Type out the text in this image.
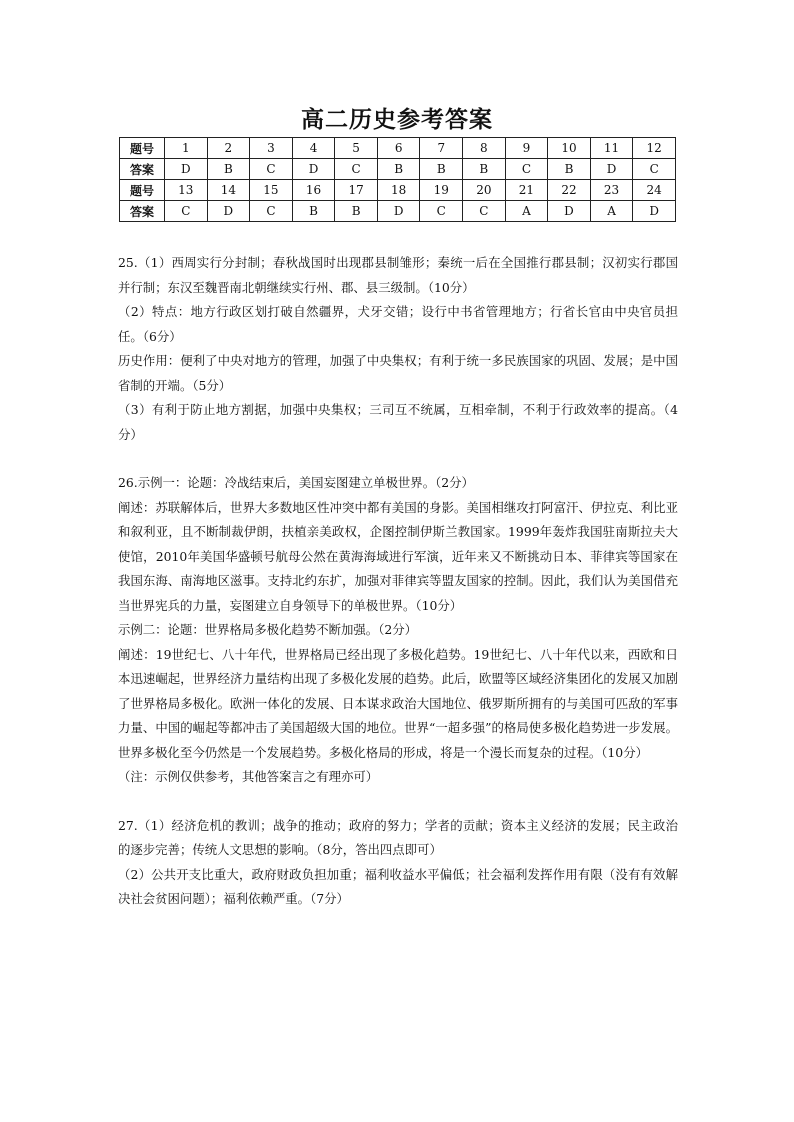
高二历史参考答案
题号	1	2	3	4	5	6	7	8	9	10	11	12
答案	D	B	C	D	C	B	B	B	C	B	D	C
题号	13	14	15	16	17	18	19	20	21	22	23	24
答案	C	D	C	B	B	D	C	C	A	D	A	D

25.（1）西周实行分封制；春秋战国时出现郡县制雏形；秦统一后在全国推行郡县制；汉初实行郡国并行制；东汉至魏晋南北朝继续实行州、郡、县三级制。（10分）

（2）特点：地方行政区划打破自然疆界，犬牙交错；设行中书省管理地方；行省长官由中央官员担任。（6分）

历史作用：便利了中央对地方的管理，加强了中央集权；有利于统一多民族国家的巩固、发展；是中国省制的开端。（5分）

（3）有利于防止地方割据，加强中央集权；三司互不统属，互相牵制，不利于行政效率的提高。（4分）

26.示例一：论题：冷战结束后，美国妄图建立单极世界。（2分）

阐述：苏联解体后，世界大多数地区性冲突中都有美国的身影。美国相继攻打阿富汗、伊拉克、利比亚和叙利亚，且不断制裁伊朗，扶植亲美政权，企图控制伊斯兰教国家。1999年轰炸我国驻南斯拉夫大使馆，2010年美国华盛顿号航母公然在黄海海域进行军演，近年来又不断挑动日本、菲律宾等国家在我国东海、南海地区滋事。支持北约东扩，加强对菲律宾等盟友国家的控制。因此，我们认为美国借充当世界宪兵的力量，妄图建立自身领导下的单极世界。（10分）

示例二：论题：世界格局多极化趋势不断加强。（2分）

阐述：19世纪七、八十年代，世界格局已经出现了多极化趋势。19世纪七、八十年代以来，西欧和日本迅速崛起，世界经济力量结构出现了多极化发展的趋势。此后，欧盟等区域经济集团化的发展又加剧了世界格局多极化。欧洲一体化的发展、日本谋求政治大国地位、俄罗斯所拥有的与美国可匹敌的军事力量、中国的崛起等都冲击了美国超级大国的地位。世界“一超多强”的格局使多极化趋势进一步发展。世界多极化至今仍然是一个发展趋势。多极化格局的形成，将是一个漫长而复杂的过程。（10分）

（注：示例仅供参考，其他答案言之有理亦可）

27.（1）经济危机的教训；战争的推动；政府的努力；学者的贡献；资本主义经济的发展；民主政治的逐步完善；传统人文思想的影响。（8分，答出四点即可）

（2）公共开支比重大，政府财政负担加重；福利收益水平偏低；社会福利发挥作用有限（没有有效解决社会贫困问题）；福利依赖严重。（7分）
